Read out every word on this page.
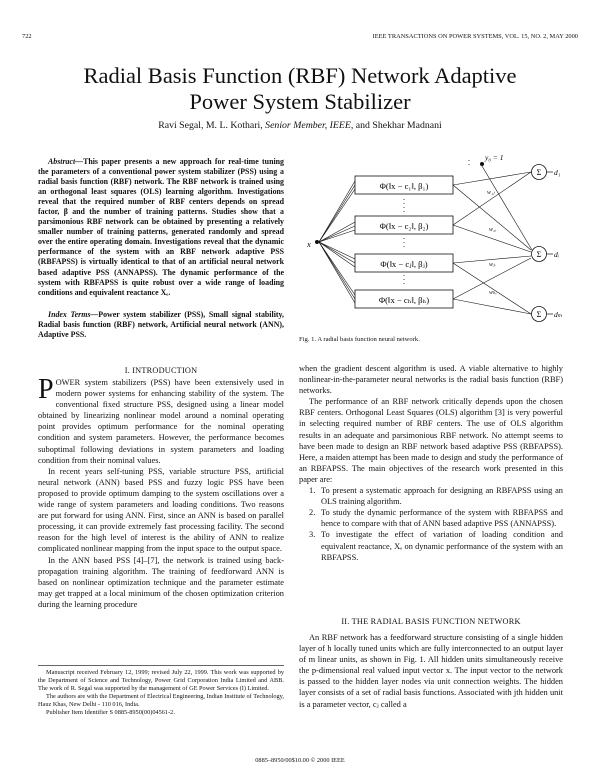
722	IEEE TRANSACTIONS ON POWER SYSTEMS, VOL. 15, NO. 2, MAY 2000
Radial Basis Function (RBF) Network Adaptive
Power System Stabilizer
Ravi Segal, M. L. Kothari, Senior Member, IEEE, and Shekhar Madnani

Abstract—This paper presents a new approach for real-time tuning the parameters of a conventional power system stabilizer (PSS) using a radial basis function (RBF) network. The RBF network is trained using an orthogonal least squares (OLS) learning algorithm. Investigations reveal that the required number of RBF centers depends on spread factor, β and the number of training patterns. Studies show that a parsimonious RBF network can be obtained by presenting a relatively smaller number of training patterns, generated randomly and spread over the entire operating domain. Investigations reveal that the dynamic performance of the system with an RBF network adaptive PSS (RBFAPSS) is virtually identical to that of an artificial neural network based adaptive PSS (ANNAPSS). The dynamic performance of the system with RBFAPSS is quite robust over a wide range of loading conditions and equivalent reactance Xₑ.

Index Terms—Power system stabilizer (PSS), Small signal stability, Radial basis function (RBF) network, Artificial neural network (ANN), Adaptive PSS.

I. INTRODUCTION

POWER system stabilizers (PSS) have been extensively used in modern power systems for enhancing stability of the system. The conventional fixed structure PSS, designed using a linear model obtained by linearizing nonlinear model around a nominal operating point provides optimum performance for the nominal operating condition and system parameters. However, the performance becomes suboptimal following deviations in system parameters and loading condition from their nominal values.

In recent years self-tuning PSS, variable structure PSS, artificial neural network (ANN) based PSS and fuzzy logic PSS have been proposed to provide optimum damping to the system oscillations over a wide range of system parameters and loading conditions. Two reasons are put forward for using ANN. First, since an ANN is based on parallel processing, it can provide extremely fast processing facility. The second reason for the high level of interest is the ability of ANN to realize complicated nonlinear mapping from the input space to the output space.

In the ANN based PSS [4]–[7], the network is trained using back-propagation training algorithm. The training of feedforward ANN is based on nonlinear optimization technique and the parameter estimate may get trapped at a local minimum of the chosen optimization criterion during the learning procedure

Φ(‖x − c₁‖, β₁)
Φ(‖x − c₂‖, β₂)
Φ(‖x − cⱼ‖, βⱼ)
Φ(‖x − cₕ‖, βₕ)
x
y₀ = 1
w₁ⱼ
w₂ᵢ
wⱼᵢ
wₕᵢ
Σ
Σ
Σ
d₁
dᵢ
dₘ
Fig. 1. A radial basis function neural network.

when the gradient descent algorithm is used. A viable alternative to highly nonlinear-in-the-parameter neural networks is the radial basis function (RBF) networks.

The performance of an RBF network critically depends upon the chosen RBF centers. Orthogonal Least Squares (OLS) algorithm [3] is very powerful in selecting required number of RBF centers. The use of OLS algorithm results in an adequate and parsimonious RBF network. No attempt seems to have been made to design an RBF network based adaptive PSS (RBFAPSS). Here, a maiden attempt has been made to design and study the performance of an RBFAPSS. The main objectives of the research work presented in this paper are:

1. To present a systematic approach for designing an RBFAPSS using an OLS training algorithm.
2. To study the dynamic performance of the system with RBFAPSS and hence to compare with that of ANN based adaptive PSS (ANNAPSS).
3. To investigate the effect of variation of loading condition and equivalent reactance, Xₑ on dynamic performance of the system with an RBFAPSS.
II. THE RADIAL BASIS FUNCTION NETWORK

An RBF network has a feedforward structure consisting of a single hidden layer of h locally tuned units which are fully interconnected to an output layer of m linear units, as shown in Fig. 1. All hidden units simultaneously receive the p-dimensional real valued input vector x. The input vector to the network is passed to the hidden layer nodes via unit connection weights. The hidden layer consists of a set of radial basis functions. Associated with jth hidden unit is a parameter vector, cⱼ called a

Manuscript received February 12, 1999; revised July 22, 1999. This work was supported by the Department of Science and Technology, Power Grid Corporation India Limited and ABB. The work of R. Segal was supported by the management of GE Power Services (I) Limited.

The authors are with the Department of Electrical Engineering, Indian Institute of Technology, Hauz Khas, New Delhi - 110 016, India.

Publisher Item Identifier S 0885-8950(00)04561-2.

0885–8950/00$10.00 © 2000 IEEE
